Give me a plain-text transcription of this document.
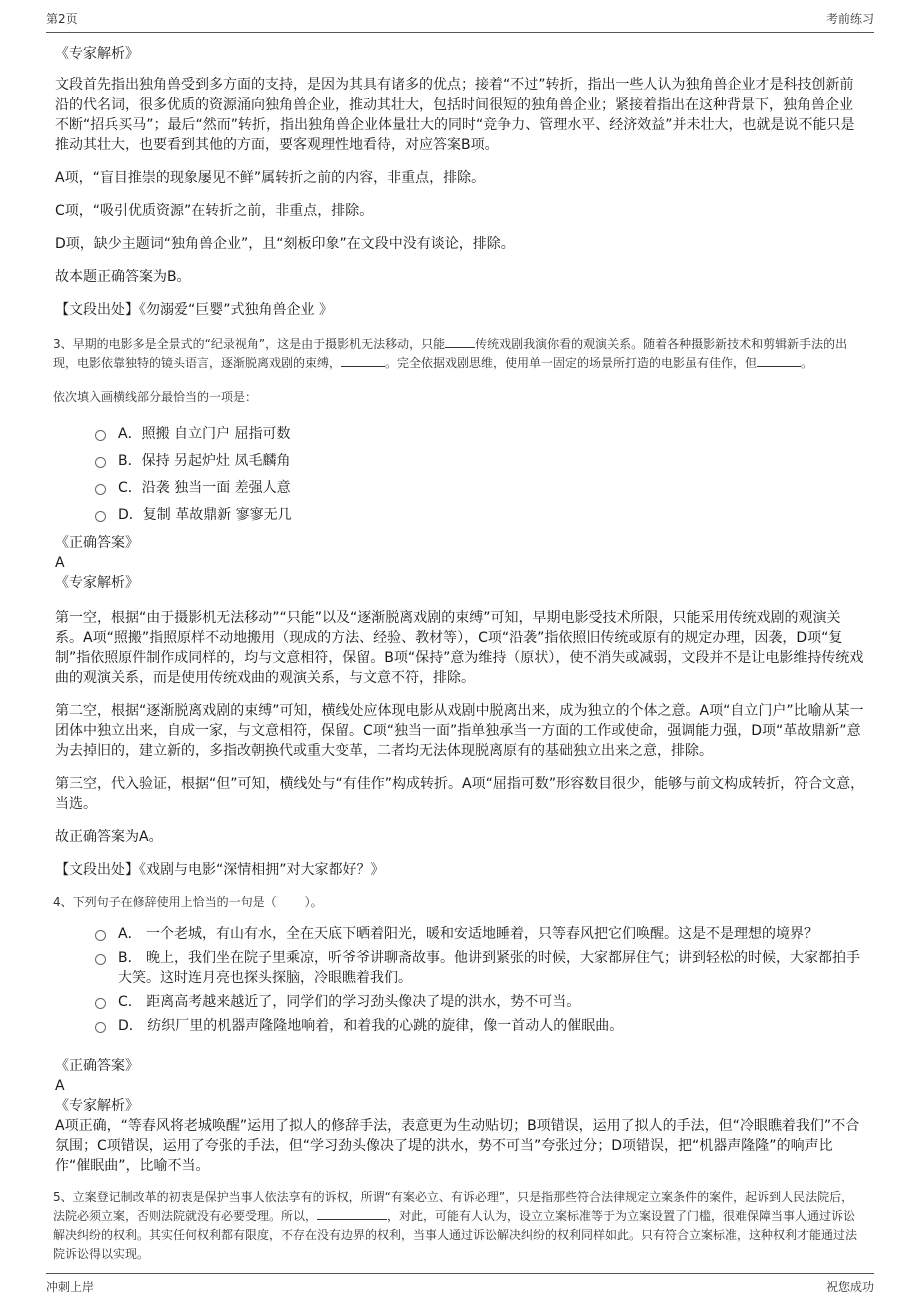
第2页	考前练习

《专家解析》

文段首先指出独角兽受到多方面的支持，是因为其具有诸多的优点；接着“不过”转折，指出一些人认为独角兽企业才是科技创新前沿的代名词，很多优质的资源涌向独角兽企业，推动其壮大，包括时间很短的独角兽企业；紧接着指出在这种背景下，独角兽企业不断“招兵买马”；最后“然而”转折，指出独角兽企业体量壮大的同时“竞争力、管理水平、经济效益”并未壮大，也就是说不能只是推动其壮大，也要看到其他的方面，要客观理性地看待，对应答案B项。

A项，“盲目推崇的现象屡见不鲜”属转折之前的内容，非重点，排除。

C项，“吸引优质资源”在转折之前，非重点，排除。

D项，缺少主题词“独角兽企业”，且“刻板印象”在文段中没有谈论，排除。

故本题正确答案为B。

【文段出处】《勿溺爱“巨婴”式独角兽企业 》

3、早期的电影多是全景式的“纪录视角”，这是由于摄影机无法移动，只能	传统戏剧我演你看的观演关系。随着各种摄影新技术和剪辑新手法的出现，电影依靠独特的镜头语言，逐渐脱离戏剧的束缚，	。完全依据戏剧思维，使用单一固定的场景所打造的电影虽有佳作，但	。

依次填入画横线部分最恰当的一项是：

A．照搬 自立门户 屈指可数
B．保持 另起炉灶 凤毛麟角
C．沿袭 独当一面 差强人意
D．复制 革故鼎新 寥寥无几

《正确答案》

A

《专家解析》

第一空，根据“由于摄影机无法移动”“只能”以及“逐渐脱离戏剧的束缚”可知，早期电影受技术所限，只能采用传统戏剧的观演关系。A项“照搬”指照原样不动地搬用（现成的方法、经验、教材等），C项“沿袭”指依照旧传统或原有的规定办理，因袭，D项“复制”指依照原件制作成同样的，均与文意相符，保留。B项“保持”意为维持（原状），使不消失或减弱，文段并不是让电影维持传统戏曲的观演关系，而是使用传统戏曲的观演关系，与文意不符，排除。

第二空，根据“逐渐脱离戏剧的束缚”可知，横线处应体现电影从戏剧中脱离出来，成为独立的个体之意。A项“自立门户”比喻从某一团体中独立出来，自成一家，与文意相符，保留。C项“独当一面”指单独承当一方面的工作或使命，强调能力强，D项“革故鼎新”意为去掉旧的，建立新的，多指改朝换代或重大变革，二者均无法体现脱离原有的基础独立出来之意，排除。

第三空，代入验证，根据“但”可知，横线处与“有佳作”构成转折。A项“屈指可数”形容数目很少，能够与前文构成转折，符合文意，当选。

故正确答案为A。

【文段出处】《戏剧与电影“深情相拥”对大家都好？》

4、下列句子在修辞使用上恰当的一句是（ ）。

A． 一个老城，有山有水，全在天底下晒着阳光，暖和安适地睡着，只等春风把它们唤醒。这是不是理想的境界？
B． 晚上，我们坐在院子里乘凉，听爷爷讲聊斋故事。他讲到紧张的时候，大家都屏住气；讲到轻松的时候，大家都拍手大笑。这时连月亮也探头探脑，冷眼瞧着我们。
C． 距离高考越来越近了，同学们的学习劲头像决了堤的洪水，势不可当。
D． 纺织厂里的机器声隆隆地响着，和着我的心跳的旋律，像一首动人的催眠曲。

《正确答案》

A

《专家解析》

A项正确，“等春风将老城唤醒”运用了拟人的修辞手法，表意更为生动贴切；B项错误，运用了拟人的手法，但“冷眼瞧着我们”不合氛围；C项错误，运用了夸张的手法，但“学习劲头像决了堤的洪水，势不可当”夸张过分；D项错误，把“机器声隆隆”的响声比作“催眠曲”，比喻不当。

5、立案登记制改革的初衷是保护当事人依法享有的诉权，所谓“有案必立、有诉必理”，只是指那些符合法律规定立案条件的案件，起诉到人民法院后，法院必须立案，否则法院就没有必要受理。所以，	，对此，可能有人认为，设立立案标准等于为立案设置了门槛，很难保障当事人通过诉讼解决纠纷的权利。其实任何权利都有限度，不存在没有边界的权利，当事人通过诉讼解决纠纷的权利同样如此。只有符合立案标准，这种权利才能通过法院诉讼得以实现。

冲刺上岸	祝您成功
